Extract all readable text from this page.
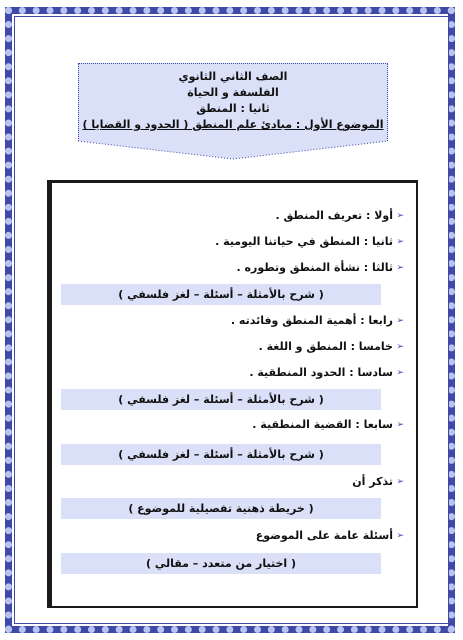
الصف الثاني الثانوي
الفلسفة و الحياة
ثانيا : المنطق
الموضوع الأول : مبادئ علم المنطق ( الحدود و القضايا )
➢
أولا : تعريف المنطق .
➢
ثانيا : المنطق في حياتنا اليومية .
➢
ثالثا : نشأة المنطق وتطوره .
( شرح بالأمثلة – أسئلة – لغز فلسفي )
➢
رابعا : أهمية المنطق وفائدته .
➢
خامسا : المنطق و اللغة .
➢
سادسا : الحدود المنطقية .
( شرح بالأمثلة – أسئلة – لغز فلسفي )
➢
سابعا : القضية المنطقية .
( شرح بالأمثلة – أسئلة – لغز فلسفي )
➢
تذكر أن
( خريطة ذهنية تفصيلية للموضوع )
➢
أسئلة عامة على الموضوع
( اختيار من متعدد – مقالي )
